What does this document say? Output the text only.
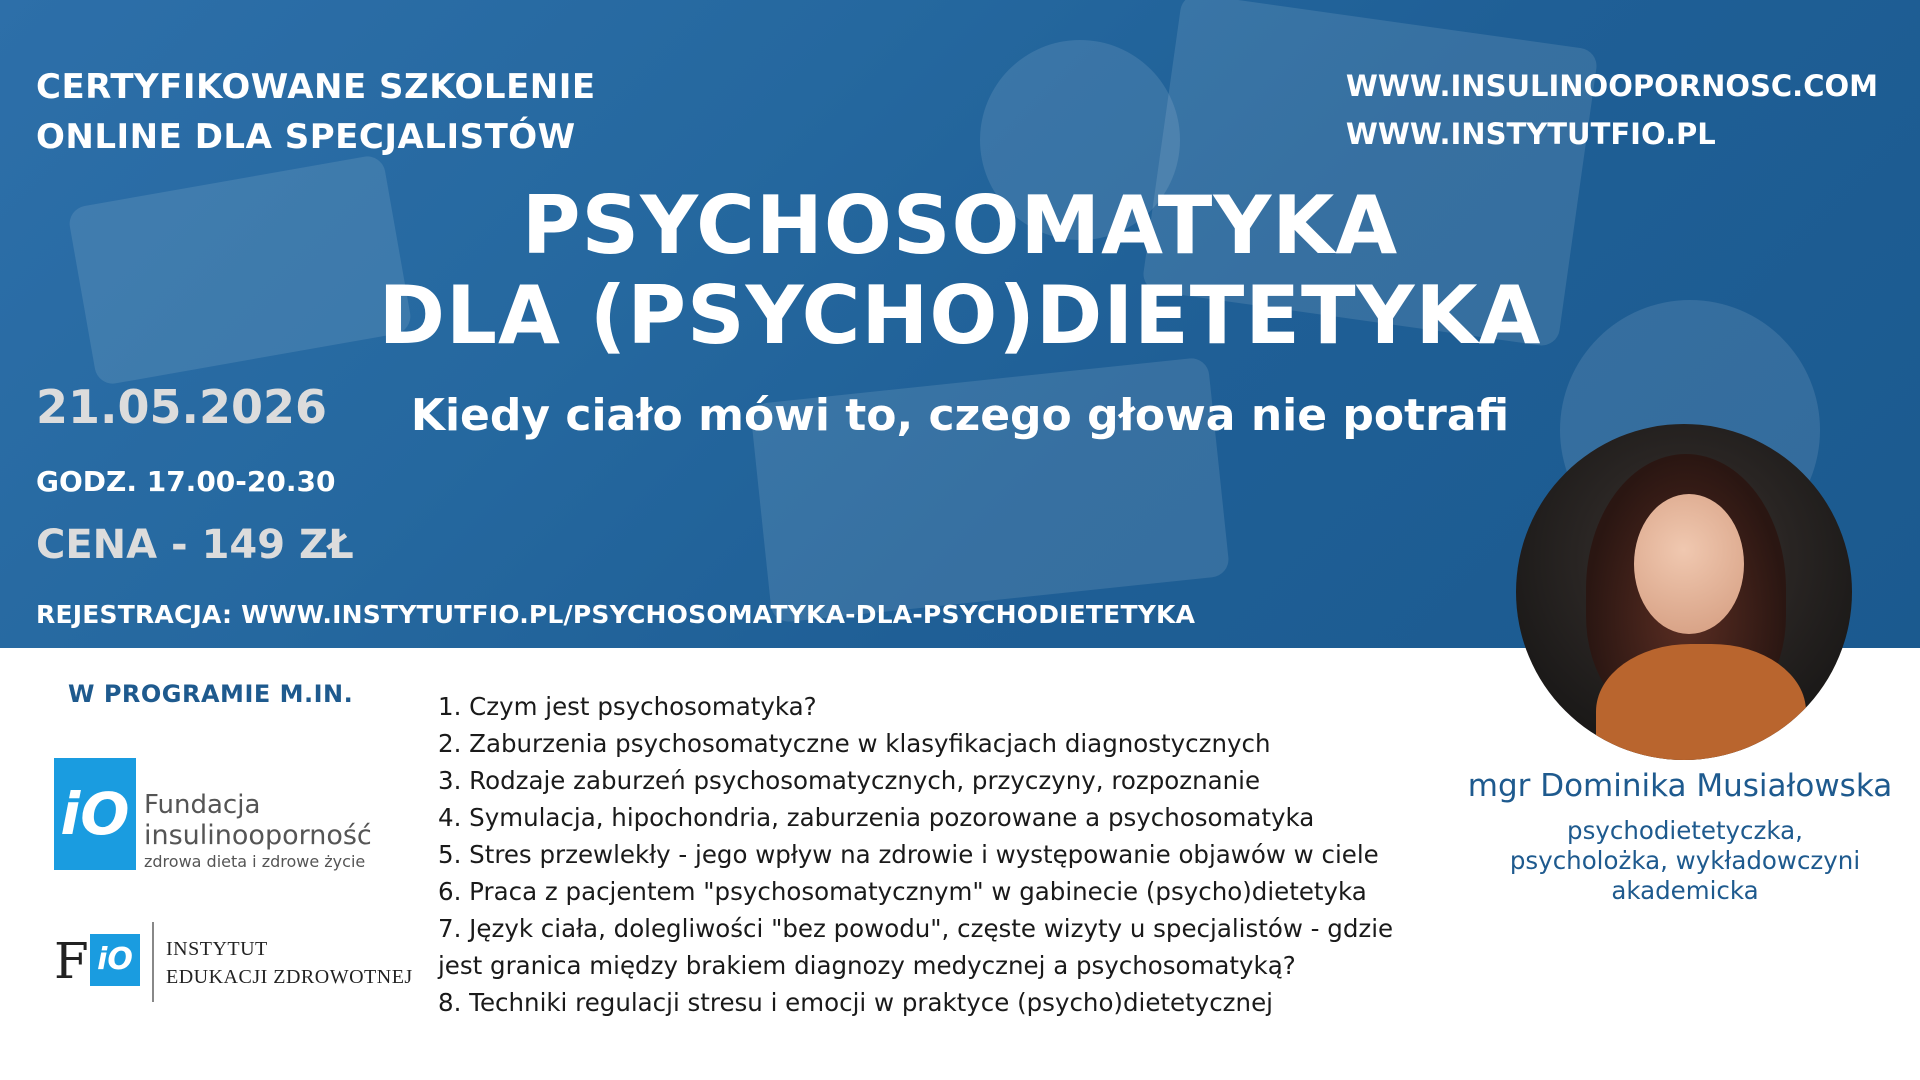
CERTYFIKOWANE SZKOLENIE
ONLINE DLA SPECJALISTÓW
WWW.INSULINOOPORNOSC.COM
WWW.INSTYTUTFIO.PL
PSYCHOSOMATYKA
DLA (PSYCHO)DIETETYKA
Kiedy ciało mówi to, czego głowa nie potrafi
21.05.2026
GODZ. 17.00-20.30
CENA - 149 ZŁ
REJESTRACJA: WWW.INSTYTUTFIO.PL/PSYCHOSOMATYKA-DLA-PSYCHODIETETYKA
W PROGRAMIE M.IN.	1. Czym jest psychosomatyka?
2. Zaburzenia psychosomatyczne w klasyfikacjach diagnostycznych
3. Rodzaje zaburzeń psychosomatycznych, przyczyny, rozpoznanie
4. Symulacja, hipochondria, zaburzenia pozorowane a psychosomatyka
5. Stres przewlekły - jego wpływ na zdrowie i występowanie objawów w ciele
6. Praca z pacjentem "psychosomatycznym" w gabinecie (psycho)dietetyka
7. Język ciała, dolegliwości "bez powodu", częste wizyty u specjalistów - gdzie
jest granica między brakiem diagnozy medycznej a psychosomatyką?
8. Techniki regulacji stresu i emocji w praktyce (psycho)dietetycznej
iO Fundacja
insulinooporność
zdrowa dieta i zdrowe życie
F iO	INSTYTUT
EDUKACJI ZDROWOTNEJ
mgr Dominika Musiałowska
psychodietetyczka,
psycholożka, wykładowczyni
akademicka
